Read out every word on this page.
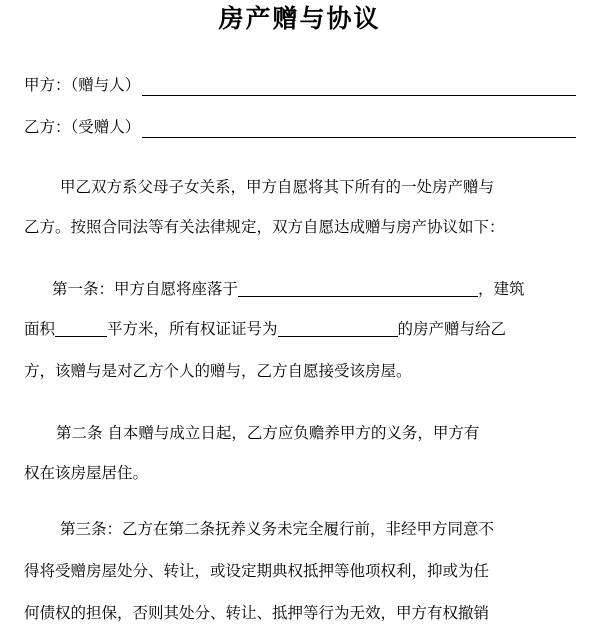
房产赠与协议
甲方：（赠与人）
乙方：（受赠人）
甲乙双方系父母子女关系，甲方自愿将其下所有的一处房产赠与
乙方。按照合同法等有关法律规定，双方自愿达成赠与房产协议如下：
第一条：甲方自愿将座落于	，建筑
面积	平方米，所有权证证号为	的房产赠与给乙
方，该赠与是对乙方个人的赠与，乙方自愿接受该房屋。
第二条 自本赠与成立日起，乙方应负赡养甲方的义务，甲方有
权在该房屋居住。
第三条：乙方在第二条抚养义务未完全履行前，非经甲方同意不
得将受赠房屋处分、转让，或设定期典权抵押等他项权利，抑或为任
何债权的担保，否则其处分、转让、抵押等行为无效，甲方有权撤销
